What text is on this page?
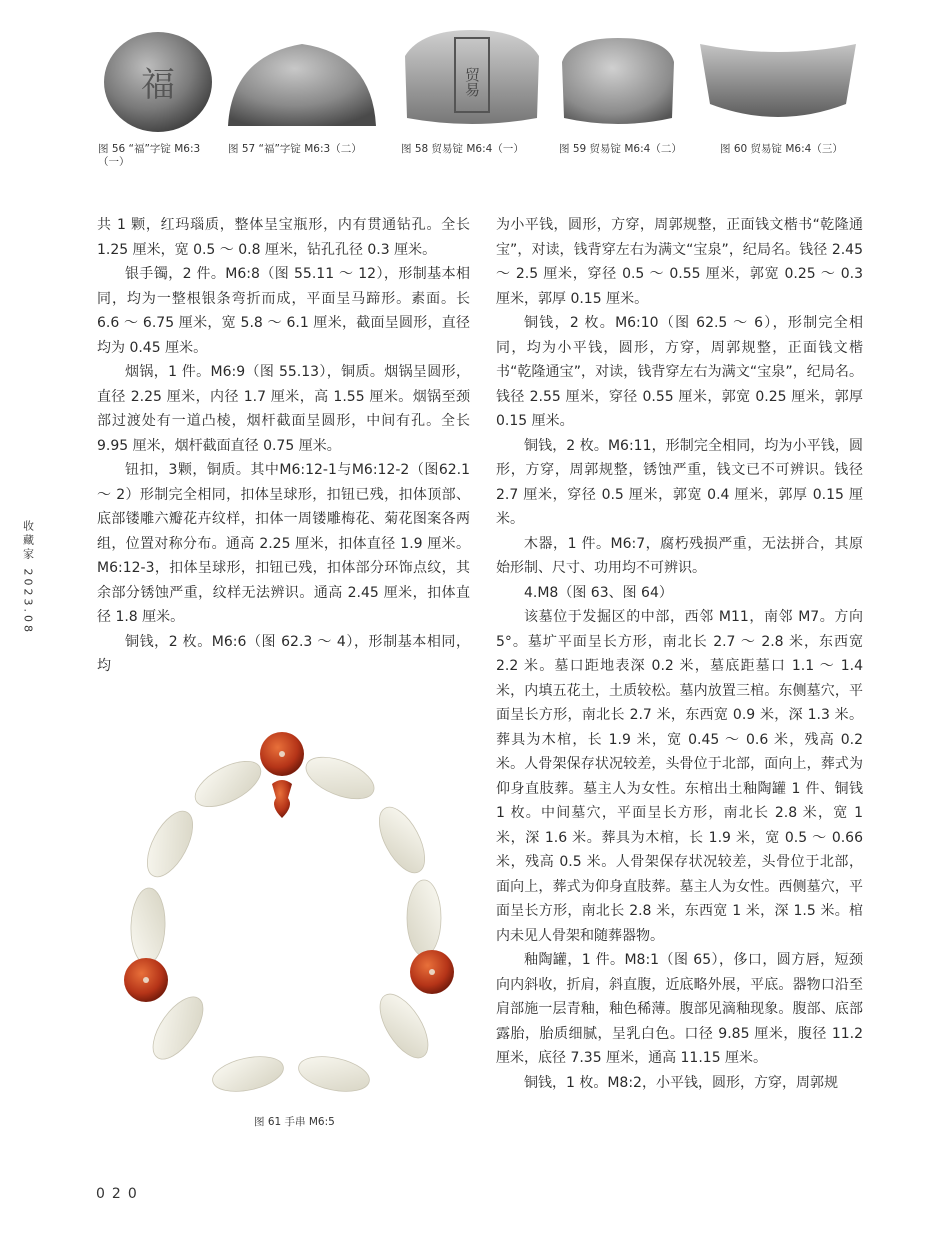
福	贸易
图 56 “福”字锭 M6:3（一）
图 57 “福”字锭 M6:3（二）	图 58 贸易锭 M6:4（一）	图 59 贸易锭 M6:4（二）	图 60 贸易锭 M6:4（三）
收藏家 2023.08

共 1 颗，红玛瑙质，整体呈宝瓶形，内有贯通钻孔。全长 1.25 厘米，宽 0.5 ～ 0.8 厘米，钻孔孔径 0.3 厘米。

银手镯，2 件。M6:8（图 55.11 ～ 12），形制基本相同，均为一整根银条弯折而成，平面呈马蹄形。素面。长 6.6 ～ 6.75 厘米，宽 5.8 ～ 6.1 厘米，截面呈圆形，直径均为 0.45 厘米。

烟锅，1 件。M6:9（图 55.13），铜质。烟锅呈圆形，直径 2.25 厘米，内径 1.7 厘米，高 1.55 厘米。烟锅至颈部过渡处有一道凸棱，烟杆截面呈圆形，中间有孔。全长 9.95 厘米，烟杆截面直径 0.75 厘米。

钮扣，3颗，铜质。其中M6:12-1与M6:12-2（图62.1 ～ 2）形制完全相同，扣体呈球形，扣钮已残，扣体顶部、底部镂雕六瓣花卉纹样，扣体一周镂雕梅花、菊花图案各两组，位置对称分布。通高 2.25 厘米，扣体直径 1.9 厘米。M6:12-3，扣体呈球形，扣钮已残，扣体部分环饰点纹，其余部分锈蚀严重，纹样无法辨识。通高 2.45 厘米，扣体直径 1.8 厘米。

铜钱，2 枚。M6:6（图 62.3 ～ 4），形制基本相同，均

为小平钱，圆形，方穿，周郭规整，正面钱文楷书“乾隆通宝”，对读，钱背穿左右为满文“宝泉”，纪局名。钱径 2.45 ～ 2.5 厘米，穿径 0.5 ～ 0.55 厘米，郭宽 0.25 ～ 0.3 厘米，郭厚 0.15 厘米。

铜钱，2 枚。M6:10（图 62.5 ～ 6），形制完全相同，均为小平钱，圆形，方穿，周郭规整，正面钱文楷书“乾隆通宝”，对读，钱背穿左右为满文“宝泉”，纪局名。钱径 2.55 厘米，穿径 0.55 厘米，郭宽 0.25 厘米，郭厚 0.15 厘米。

铜钱，2 枚。M6:11，形制完全相同，均为小平钱，圆形，方穿，周郭规整，锈蚀严重，钱文已不可辨识。钱径 2.7 厘米，穿径 0.5 厘米，郭宽 0.4 厘米，郭厚 0.15 厘米。

木器，1 件。M6:7，腐朽残损严重，无法拼合，其原始形制、尺寸、功用均不可辨识。

4.M8（图 63、图 64）

该墓位于发掘区的中部，西邻 M11，南邻 M7。方向 5°。墓圹平面呈长方形，南北长 2.7 ～ 2.8 米，东西宽 2.2 米。墓口距地表深 0.2 米，墓底距墓口 1.1 ～ 1.4 米，内填五花土，土质较松。墓内放置三棺。东侧墓穴，平面呈长方形，南北长 2.7 米，东西宽 0.9 米，深 1.3 米。葬具为木棺，长 1.9 米，宽 0.45 ～ 0.6 米，残高 0.2 米。人骨架保存状况较差，头骨位于北部，面向上，葬式为仰身直肢葬。墓主人为女性。东棺出土釉陶罐 1 件、铜钱 1 枚。中间墓穴，平面呈长方形，南北长 2.8 米，宽 1 米，深 1.6 米。葬具为木棺，长 1.9 米，宽 0.5 ～ 0.66 米，残高 0.5 米。人骨架保存状况较差，头骨位于北部，面向上，葬式为仰身直肢葬。墓主人为女性。西侧墓穴，平面呈长方形，南北长 2.8 米，东西宽 1 米，深 1.5 米。棺内未见人骨架和随葬器物。

釉陶罐，1 件。M8:1（图 65），侈口，圆方唇，短颈向内斜收，折肩，斜直腹，近底略外展，平底。器物口沿至肩部施一层青釉，釉色稀薄。腹部见滴釉现象。腹部、底部露胎，胎质细腻，呈乳白色。口径 9.85 厘米，腹径 11.2 厘米，底径 7.35 厘米，通高 11.15 厘米。

铜钱，1 枚。M8:2，小平钱，圆形，方穿，周郭规

图 61 手串 M6:5
020
